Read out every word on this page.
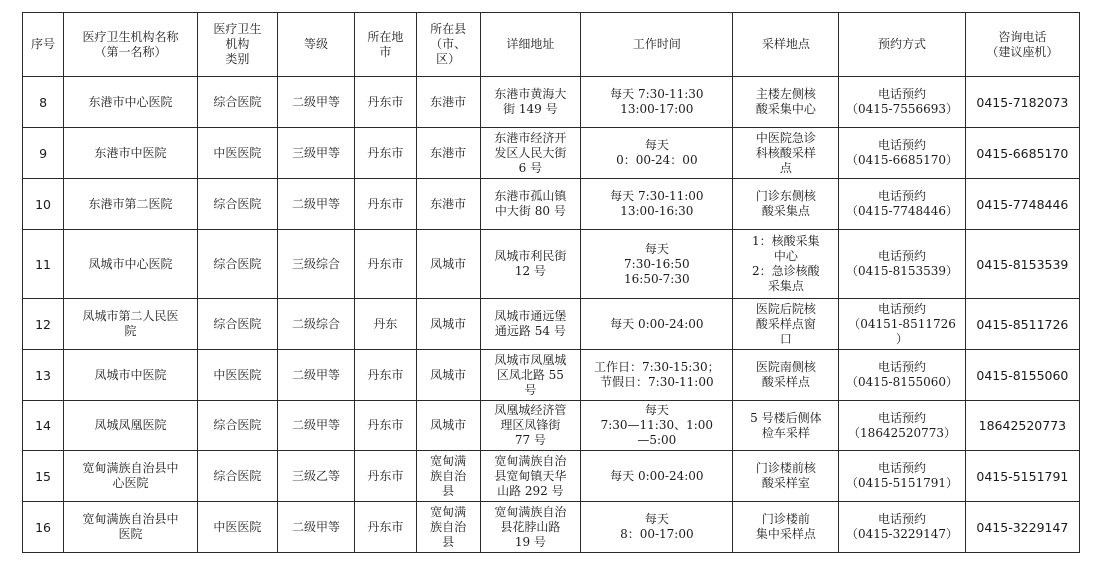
序号	医疗卫生机构名称
（第一名称）	医疗卫生
机构
类别	等级	所在地
市	所在县
（市、
区）	详细地址	工作时间	采样地点	预约方式	咨询电话
（建议座机）
8	东港市中心医院	综合医院	二级甲等	丹东市	东港市	东港市黄海大
街 149 号	每天 7:30-11:30
13:00-17:00	主楼左侧核
酸采集中心	电话预约
（0415-7556693）	0415-7182073
9	东港市中医院	中医医院	三级甲等	丹东市	东港市	东港市经济开
发区人民大街
6 号	每天
0：00-24：00	中医院急诊
科核酸采样
点	电话预约
（0415-6685170）	0415-6685170
10	东港市第二医院	综合医院	二级甲等	丹东市	东港市	东港市孤山镇
中大街 80 号	每天 7:30-11:00
13:00-16:30	门诊东侧核
酸采集点	电话预约
（0415-7748446）	0415-7748446
11	凤城市中心医院	综合医院	三级综合	丹东市	凤城市	凤城市利民街
12 号	每天
7:30-16:50
16:50-7:30	1：核酸采集
中心
2：急诊核酸
采集点	电话预约
（0415-8153539）	0415-8153539
12	凤城市第二人民医
院	综合医院	二级综合	丹东	凤城市	凤城市通远堡
通远路 54 号	每天 0:00-24:00	医院后院核
酸采样点窗
口	电话预约
（04151-8511726
）	0415-8511726
13	凤城市中医院	中医医院	二级甲等	丹东市	凤城市	凤城市凤凰城
区凤北路 55
号	工作日：7:30-15:30；
节假日：7:30-11:00	医院南侧核
酸采样点	电话预约
（0415-8155060）	0415-8155060
14	凤城凤凰医院	综合医院	二级甲等	丹东市	凤城市	凤凰城经济管
理区凤锋街
77 号	每天
7:30—11:30、1:00
—5:00	5 号楼后侧体
检车采样	电话预约
（18642520773）	18642520773
15	宽甸满族自治县中
心医院	综合医院	三级乙等	丹东市	宽甸满
族自治
县	宽甸满族自治
县宽甸镇天华
山路 292 号	每天 0:00-24:00	门诊楼前核
酸采样室	电话预约
（0415-5151791）	0415-5151791
16	宽甸满族自治县中
医院	中医医院	二级甲等	丹东市	宽甸满
族自治
县	宽甸满族自治
县花脖山路
19 号	每天
8：00-17:00	门诊楼前
集中采样点	电话预约
（0415-3229147）	0415-3229147
